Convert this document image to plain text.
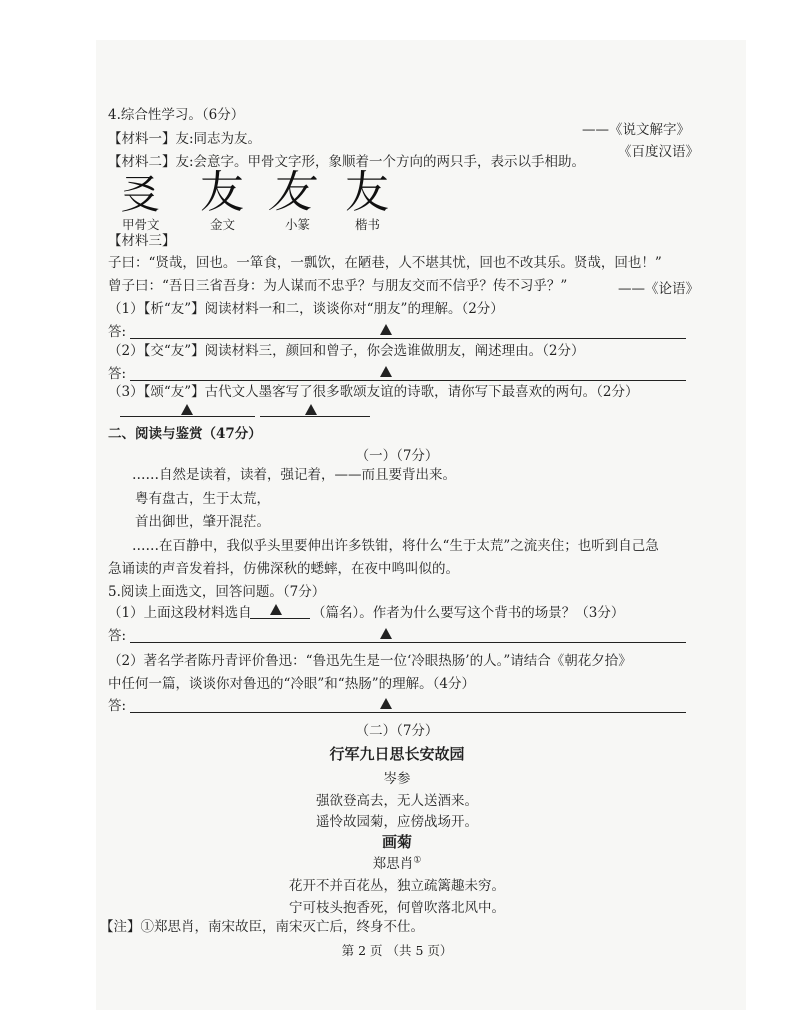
4.综合性学习。（6分）
——《说文解字》
【材料一】友:同志为友。
【材料二】友:会意字。甲骨文字形，象顺着一个方向的两只手，表示以手相助。
《百度汉语》
㕛 友 友 友
甲骨文	金文	小篆	楷书
【材料三】
子曰：“贤哉，回也。一箪食，一瓢饮，在陋巷，人不堪其忧，回也不改其乐。贤哉，回也！”
曾子曰：“吾日三省吾身：为人谋而不忠乎？与朋友交而不信乎？传不习乎？”	——《论语》
（1）【析“友”】阅读材料一和二，谈谈你对“朋友”的理解。（2分）
答:
（2）【交“友”】阅读材料三，颜回和曾子，你会选谁做朋友，阐述理由。（2分）
答:
（3）【颂“友”】古代文人墨客写了很多歌颂友谊的诗歌，请你写下最喜欢的两句。（2分）
二、阅读与鉴赏（47分）
（一）（7分）
……自然是读着，读着，强记着，——而且要背出来。
粤有盘古，生于太荒，
首出御世，肇开混茫。
……在百静中，我似乎头里要伸出许多铁钳，将什么“生于太荒”之流夹住；也听到自己急
急诵读的声音发着抖，仿佛深秋的蟋蟀，在夜中鸣叫似的。
5.阅读上面选文，回答问题。（7分）
（1）上面这段材料选自	（篇名）。作者为什么要写这个背书的场景？（3分）
答:
（2）著名学者陈丹青评价鲁迅：“鲁迅先生是一位‘冷眼热肠’的人。”请结合《朝花夕拾》
中任何一篇，谈谈你对鲁迅的“冷眼”和“热肠”的理解。（4分）
答:
（二）（7分）
行军九日思长安故园
岑参
强欲登高去，无人送酒来。
遥怜故园菊，应傍战场开。
画菊
郑思肖①
花开不并百花丛，独立疏篱趣未穷。
宁可枝头抱香死，何曾吹落北风中。
【注】①郑思肖，南宋故臣，南宋灭亡后，终身不仕。
第 2 页 （共 5 页）
